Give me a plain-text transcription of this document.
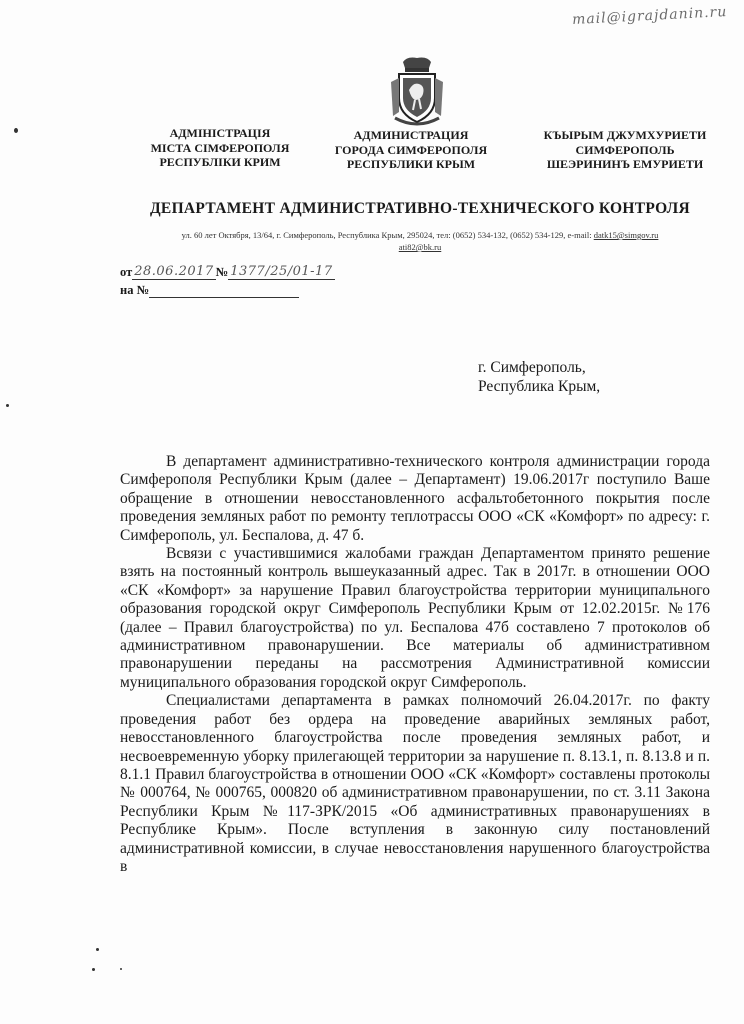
mail@igrajdanin.ru
АДМІНІСТРАЦІЯ
МІСТА СІМФЕРОПОЛЯ
РЕСПУБЛІКИ КРИМ
АДМИНИСТРАЦИЯ
ГОРОДА СИМФЕРОПОЛЯ
РЕСПУБЛИКИ КРЫМ
КЪЫРЫМ ДЖУМХУРИЕТИ
СИМФЕРОПОЛЬ
ШЕЭРИНИНЪ ЕМУРИЕТИ
ДЕПАРТАМЕНТ АДМИНИСТРАТИВНО-ТЕХНИЧЕСКОГО КОНТРОЛЯ
ул. 60 лет Октября, 13/64, г. Симферополь, Республика Крым, 295024, тел: (0652) 534-132, (0652) 534-129, e-mail: datk15@simgov.ru
ati82@bk.ru
от 28.06.2017 № 1377/25/01-17
на №
г. Симферополь,
Республика Крым,

В департамент административно-технического контроля администрации города Симферополя Республики Крым (далее – Департамент) 19.06.2017г поступило Ваше обращение в отношении невосстановленного асфальтобетонного покрытия после проведения земляных работ по ремонту теплотрассы ООО «СК «Комфорт» по адресу: г. Симферополь, ул. Беспалова, д. 47 б.

Всвязи с участившимися жалобами граждан Департаментом принято решение взять на постоянный контроль вышеуказанный адрес. Так в 2017г. в отношении ООО «СК «Комфорт» за нарушение Правил благоустройства территории муниципального образования городской округ Симферополь Республики Крым от 12.02.2015г. №176 (далее – Правил благоустройства) по ул. Беспалова 47б составлено 7 протоколов об административном правонарушении. Все материалы об административном правонарушении переданы на рассмотрения Административной комиссии муниципального образования городской округ Симферополь.

Специалистами департамента в рамках полномочий 26.04.2017г. по факту проведения работ без ордера на проведение аварийных земляных работ, невосстановленного благоустройства после проведения земляных работ, и несвоевременную уборку прилегающей территории за нарушение п. 8.13.1, п. 8.13.8 и п. 8.1.1 Правил благоустройства в отношении ООО «СК «Комфорт» составлены протоколы № 000764, № 000765, 000820 об административном правонарушении, по ст. 3.11 Закона Республики Крым №117-ЗРК/2015 «Об административных правонарушениях в Республике Крым». После вступления в законную силу постановлений административной комиссии, в случае невосстановления нарушенного благоустройства в
